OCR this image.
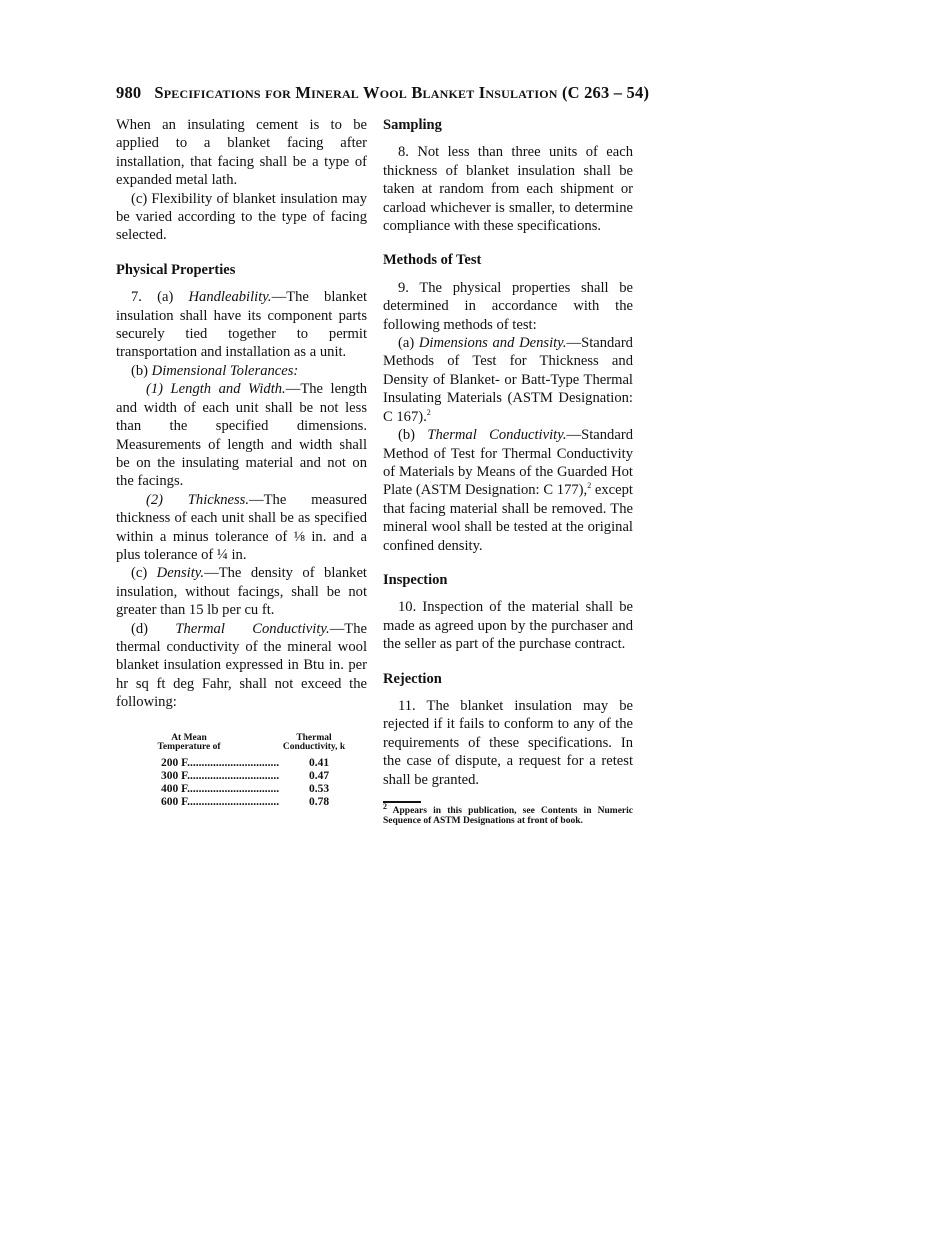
980 Specifications for Mineral Wool Blanket Insulation (C 263 – 54)

When an insulating cement is to be applied to a blanket facing after installation, that facing shall be a type of expanded metal lath.

(c) Flexibility of blanket insulation may be varied according to the type of facing selected.

Physical Properties

7. (a) Handleability.—The blanket insulation shall have its component parts securely tied together to permit transportation and installation as a unit.

(b) Dimensional Tolerances:

(1) Length and Width.—The length and width of each unit shall be not less than the specified dimensions. Measurements of length and width shall be on the insulating material and not on the facings.

(2) Thickness.—The measured thickness of each unit shall be as specified within a minus tolerance of ⅛ in. and a plus tolerance of ¼ in.

(c) Density.—The density of blanket insulation, without facings, shall be not greater than 15 lb per cu ft.

(d) Thermal Conductivity.—The thermal conductivity of the mineral wool blanket insulation expressed in Btu in. per hr sq ft deg Fahr, shall not exceed the following:

At Mean Temperature of
Thermal Conductivity, k
200 F................................	0.41
300 F................................	0.47
400 F................................	0.53
600 F................................	0.78
Sampling

8. Not less than three units of each thickness of blanket insulation shall be taken at random from each shipment or carload whichever is smaller, to determine compliance with these specifications.

Methods of Test

9. The physical properties shall be determined in accordance with the following methods of test:

(a) Dimensions and Density.—Standard Methods of Test for Thickness and Density of Blanket- or Batt-Type Thermal Insulating Materials (ASTM Designation: C 167).$^2$

(b) Thermal Conductivity.—Standard Method of Test for Thermal Conductivity of Materials by Means of the Guarded Hot Plate (ASTM Designation: C 177),$^2$ except that facing material shall be removed. The mineral wool shall be tested at the original confined density.

Inspection

10. Inspection of the material shall be made as agreed upon by the purchaser and the seller as part of the purchase contract.

Rejection

11. The blanket insulation may be rejected if it fails to conform to any of the requirements of these specifications. In the case of dispute, a request for a retest shall be granted.

$^2$ Appears in this publication, see Contents in Numeric Sequence of ASTM Designations at front of book.
